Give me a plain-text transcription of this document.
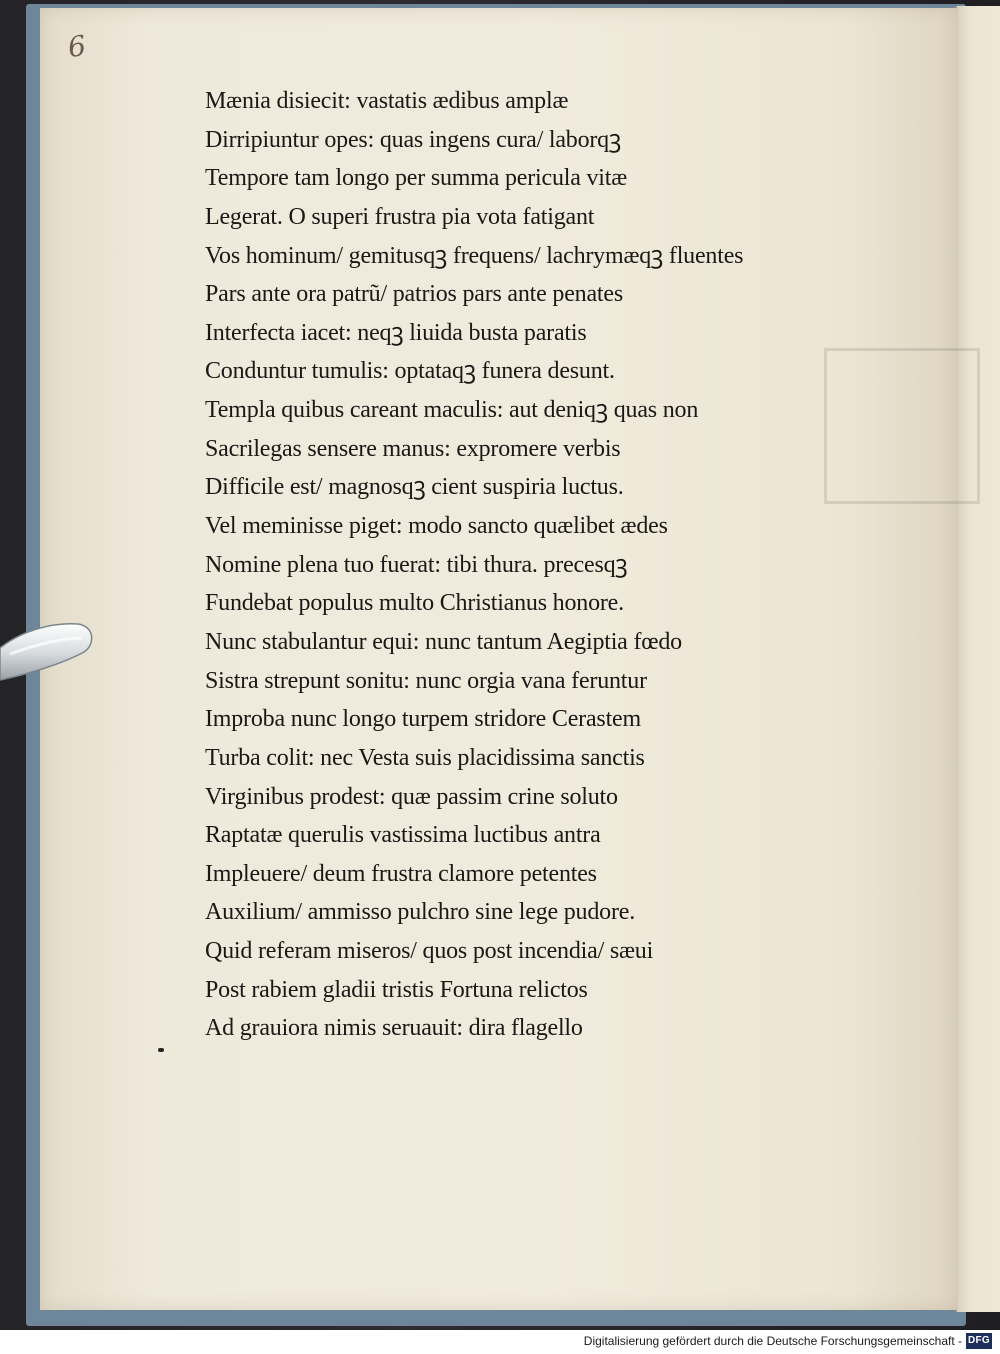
6
Mænia disiecit: vastatis ædibus amplæ
Dirripiuntur opes: quas ingens cura/ laborqꝫ
Tempore tam longo per summa pericula vitæ
Legerat. O superi frustra pia vota fatigant
Vos hominum/ gemitusqꝫ frequens/ lachrymæqꝫ fluentes
Pars ante ora patrũ/ patrios pars ante penates
Interfecta iacet: neqꝫ liuida busta paratis
Conduntur tumulis: optataqꝫ funera desunt.
Templa quibus careant maculis: aut deniqꝫ quas non
Sacrilegas sensere manus: expromere verbis
Difficile est/ magnosqꝫ cient suspiria luctus.
Vel meminisse piget: modo sancto quælibet ædes
Nomine plena tuo fuerat: tibi thura. precesqꝫ
Fundebat populus multo Christianus honore.
Nunc stabulantur equi: nunc tantum Aegiptia fœdo
Sistra strepunt sonitu: nunc orgia vana feruntur
Improba nunc longo turpem stridore Cerastem
Turba colit: nec Vesta suis placidissima sanctis
Virginibus prodest: quæ passim crine soluto
Raptatæ querulis vastissima luctibus antra
Impleuere/ deum frustra clamore petentes
Auxilium/ ammisso pulchro sine lege pudore.
Quid referam miseros/ quos post incendia/ sæui
Post rabiem gladii tristis Fortuna relictos
Ad grauiora nimis seruauit: dira flagello
Digitalisierung gefördert durch die Deutsche Forschungsgemeinschaft - DFG
